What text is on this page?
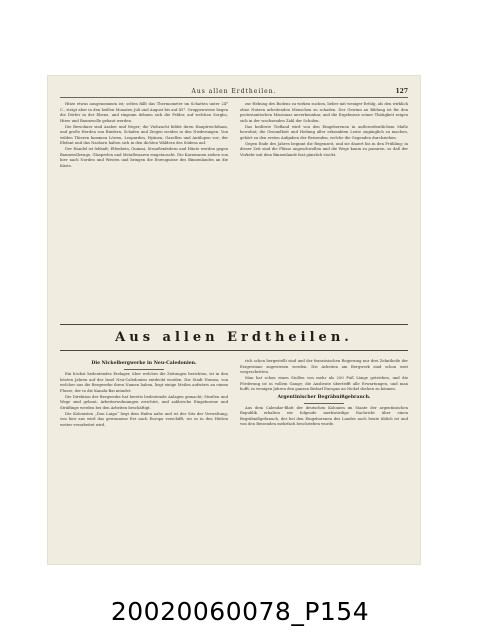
Aus allen Erdtheilen.	127

Hitze etwas ausgenommen ist; selten fällt das Thermometer im Schatten unter 24° C., steigt aber in den heißen Monaten Juli und August bis auf 45°. Gruppenweise liegen die Dörfer in der Ebene, und ringsum dehnen sich die Felder, auf welchen Sorgho, Hirse und Baumwolle gebaut werden.

Die Bewohner sind Araber und Neger; die Viehzucht bildet ihren Hauptreichthum, und große Herden von Rindern, Schafen und Ziegen weiden in den Niederungen. Von wilden Thieren kommen Löwen, Leoparden, Hyänen, Gazellen und Antilopen vor; der Elefant und das Nashorn halten sich in den dichten Wäldern des Südens auf.

Der Handel ist lebhaft; Elfenbein, Gummi, Straußenfedern und Häute werden gegen Baumwollzeuge, Glasperlen und Metallwaaren eingetauscht. Die Karawanen ziehen von hier nach Norden und Westen und bringen die Erzeugnisse des Binnenlandes an die Küste.

zur Hebung des Bodens zu wirken suchen, lieber mit weniger Erfolg, als den wirklich ohne Nutzen arbeitenden Menschen zu schaden. Der Gewinn an Bildung ist für den protestantischen Missionar unverkennbar, und die Ergebnisse seiner Thätigkeit zeigen sich in der wachsenden Zahl der Schulen.

Das heißeste Tiefland wird von den Eingeborenen in außerordentlichem Maße bewohnt; die Gesundheit und Heilung aller erkrankten Leute zugänglich zu machen, gehört zu den ersten Aufgaben der Reisenden, welche die Gegenden durchziehen.

Gegen Ende des Jahres beginnt die Regenzeit, und sie dauert bis in den Frühling; in dieser Zeit sind die Flüsse angeschwollen und die Wege kaum zu passiren, so daß der Verkehr mit dem Binnenlande fast gänzlich stockt.

Aus allen Erdtheilen.
Die Nickelbergwerke in Neu-Caledonien.

Ein höchst bedeutendes Erzlager, über welches die Zeitungen berichten, ist in den letzten Jahren auf der Insel Neu-Caledonien entdeckt worden. Die Stadt Numea, von welcher aus die Bergwerke ihren Namen haben, liegt einige Meilen aufwärts an einem Flusse, der in die Kanala-Bai mündet.

Die Direktion der Bergwerke hat bereits bedeutende Anlagen gemacht; Straßen und Wege sind gebaut, Arbeiterwohnungen errichtet, und zahlreiche Eingeborene und Sträflinge werden bei den Arbeiten beschäftigt.

Die Kolonisten „Don Luiga“ liegt dem Hafen nahe und ist der Sitz der Verwaltung; von hier aus wird das gewonnene Erz nach Europa verschifft, wo es in den Hütten weiter verarbeitet wird.

rich schon hergestellt sind und der französischen Regierung nur drei Zehntheile der Erzgewinne zugewiesen werden. Die Arbeiten am Bergwerk sind schon weit vorgeschritten.

Man hat schon einen Stollen von mehr als 200 Fuß Länge getrieben, und die Förderung ist in vollem Gange; die Ausbeute übertrifft alle Erwartungen, und man hofft, in wenigen Jahren den ganzen Bedarf Europas an Nickel decken zu können.

Argentinischer Begräbnißgebrauch.

Aus dem Calendar-Blatt der deutschen Kolonien im Staate der argentinischen Republik erhalten wir folgende merkwürdige Nachricht über einen Begräbnißgebrauch, der bei den Eingeborenen des Landes noch heute üblich ist und von den Reisenden mehrfach beschrieben wurde.

20020060078_P154
